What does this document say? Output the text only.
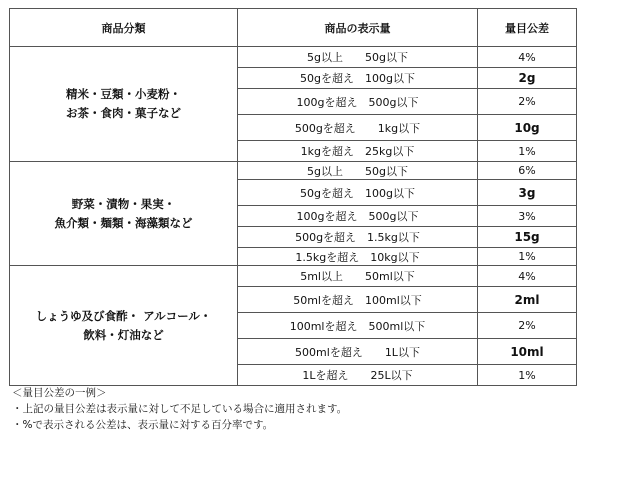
商品分類	商品の表示量	量目公差

精米・豆類・小麦粉・
お茶・食肉・菓子など	5g以上　　50g以下	4%
	50gを超え　100g以下	2g
	100gを超え　500g以下	2%
	500gを超え　　1kg以下	10g
	1kgを超え　25kg以下	1%

野菜・漬物・果実・
魚介類・麺類・海藻類など	5g以上　　50g以下	6%
	50gを超え　100g以下	3g
	100gを超え　500g以下	3%
	500gを超え　1.5kg以下	15g
	1.5kgを超え　10kg以下	1%

しょうゆ及び食酢・ アルコール・
飲料・灯油など	5ml以上　　50ml以下	4%
	50mlを超え　100ml以下	2ml
	100mlを超え　500ml以下	2%
	500mlを超え　　1L以下	10ml
	1Lを超え　　25L以下	1%
＜量目公差の一例＞
・上記の量目公差は表示量に対して不足している場合に適用されます。
・%で表示される公差は、表示量に対する百分率です。
